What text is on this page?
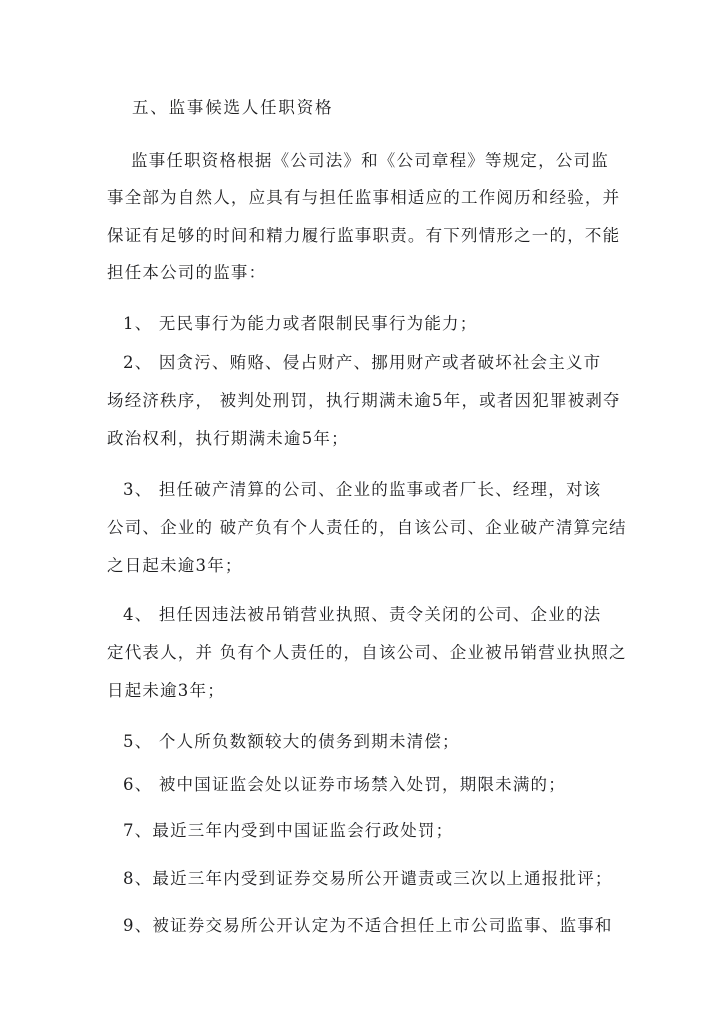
五、监事候选人任职资格
监事任职资格根据《公司法》和《公司章程》等规定，公司监
事全部为自然人，应具有与担任监事相适应的工作阅历和经验，并
保证有足够的时间和精力履行监事职责。有下列情形之一的，不能
担任本公司的监事：
1、 无民事行为能力或者限制民事行为能力；
2、 因贪污、贿赂、侵占财产、挪用财产或者破坏社会主义市
场经济秩序， 被判处刑罚，执行期满未逾5年，或者因犯罪被剥夺
政治权利，执行期满未逾5年；
3、 担任破产清算的公司、企业的监事或者厂长、经理，对该
公司、企业的 破产负有个人责任的，自该公司、企业破产清算完结
之日起未逾3年；
4、 担任因违法被吊销营业执照、责令关闭的公司、企业的法
定代表人，并 负有个人责任的，自该公司、企业被吊销营业执照之
日起未逾3年；
5、 个人所负数额较大的债务到期未清偿；
6、 被中国证监会处以证券市场禁入处罚，期限未满的；
7、最近三年内受到中国证监会行政处罚；
8、最近三年内受到证券交易所公开谴责或三次以上通报批评；
9、被证券交易所公开认定为不适合担任上市公司监事、监事和
